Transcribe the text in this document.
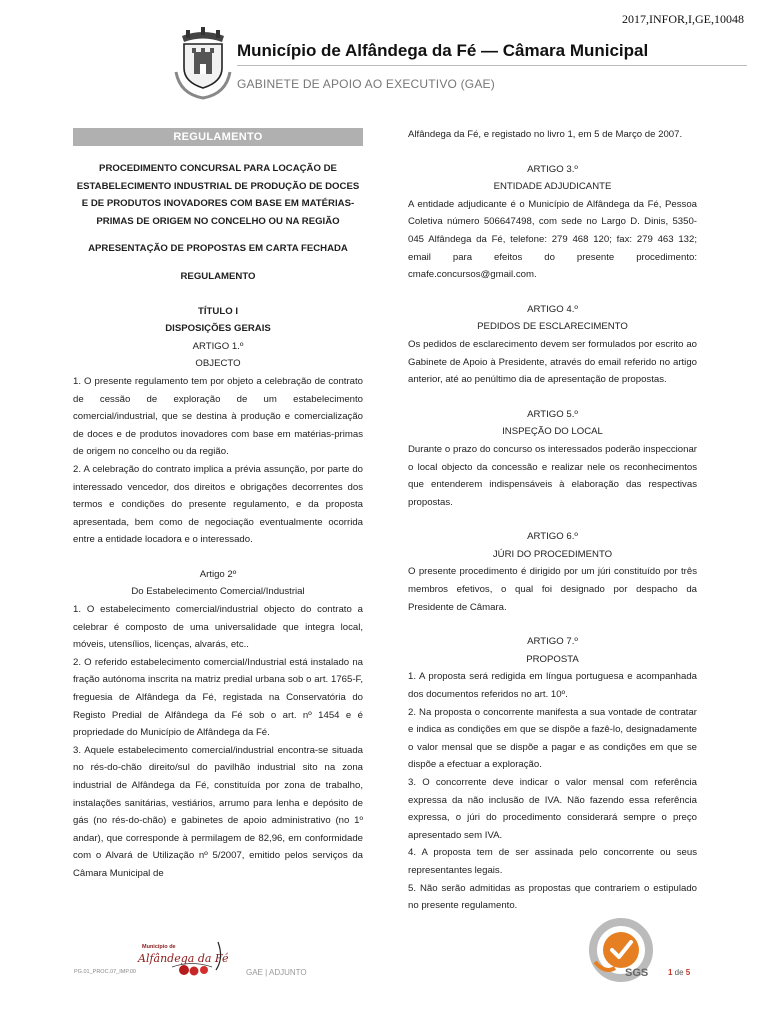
2017,INFOR,I,GE,10048
Município de Alfândega da Fé — Câmara Municipal
GABINETE DE APOIO AO EXECUTIVO (GAE)
REGULAMENTO

PROCEDIMENTO CONCURSAL PARA LOCAÇÃO DE ESTABELECIMENTO INDUSTRIAL DE PRODUÇÃO DE DOCES E DE PRODUTOS INOVADORES COM BASE EM MATÉRIAS-PRIMAS DE ORIGEM NO CONCELHO OU NA REGIÃO

APRESENTAÇÃO DE PROPOSTAS EM CARTA FECHADA

REGULAMENTO

TÍTULO I

DISPOSIÇÕES GERAIS

ARTIGO 1.º

OBJECTO

1. O presente regulamento tem por objeto a celebração de contrato de cessão de exploração de um estabelecimento comercial/industrial, que se destina à produção e comercialização de doces e de produtos inovadores com base em matérias-primas de origem no concelho ou da região.

2. A celebração do contrato implica a prévia assunção, por parte do interessado vencedor, dos direitos e obrigações decorrentes dos termos e condições do presente regulamento, e da proposta apresentada, bem como de negociação eventualmente ocorrida entre a entidade locadora e o interessado.

Artigo 2º

Do Estabelecimento Comercial/Industrial

1. O estabelecimento comercial/industrial objecto do contrato a celebrar é composto de uma universalidade que integra local, móveis, utensílios, licenças, alvarás, etc..

2. O referido estabelecimento comercial/Industrial está instalado na fração autónoma inscrita na matriz predial urbana sob o art. 1765-F, freguesia de Alfândega da Fé, registada na Conservatória do Registo Predial de Alfândega da Fé sob o art. nº 1454 e é propriedade do Município de Alfândega da Fé.

3. Aquele estabelecimento comercial/industrial encontra-se situada no rés-do-chão direito/sul do pavilhão industrial sito na zona industrial de Alfândega da Fé, constituída por zona de trabalho, instalações sanitárias, vestiários, arrumo para lenha e depósito de gás (no rés-do-chão) e gabinetes de apoio administrativo (no 1º andar), que corresponde à permilagem de 82,96, em conformidade com o Alvará de Utilização nº 5/2007, emitido pelos serviços da Câmara Municipal de

Alfândega da Fé, e registado no livro 1, em 5 de Março de 2007.

ARTIGO 3.º

ENTIDADE ADJUDICANTE

A entidade adjudicante é o Município de Alfândega da Fé, Pessoa Coletiva número 506647498, com sede no Largo D. Dinis, 5350-045 Alfândega da Fé, telefone: 279 468 120; fax: 279 463 132; email para efeitos do presente procedimento: cmafe.concursos@gmail.com.

ARTIGO 4.º

PEDIDOS DE ESCLARECIMENTO

Os pedidos de esclarecimento devem ser formulados por escrito ao Gabinete de Apoio à Presidente, através do email referido no artigo anterior, até ao penúltimo dia de apresentação de propostas.

ARTIGO 5.º

INSPEÇÃO DO LOCAL

Durante o prazo do concurso os interessados poderão inspeccionar o local objecto da concessão e realizar nele os reconhecimentos que entenderem indispensáveis à elaboração das respectivas propostas.

ARTIGO 6.º

JÚRI DO PROCEDIMENTO

O presente procedimento é dirigido por um júri constituído por três membros efetivos, o qual foi designado por despacho da Presidente de Câmara.

ARTIGO 7.º

PROPOSTA

1. A proposta será redigida em língua portuguesa e acompanhada dos documentos referidos no art. 10º.

2. Na proposta o concorrente manifesta a sua vontade de contratar e indica as condições em que se dispõe a fazê-lo, designadamente o valor mensal que se dispõe a pagar e as condições em que se dispõe a efectuar a exploração.

3. O concorrente deve indicar o valor mensal com referência expressa da não inclusão de IVA. Não fazendo essa referência expressa, o júri do procedimento considerará sempre o preço apresentado sem IVA.

4. A proposta tem de ser assinada pelo concorrente ou seus representantes legais.

5. Não serão admitidas as propostas que contrariem o estipulado no presente regulamento.

Município de
Alfândega da Fé
PG.01_PROC.07_IMP.00	GAE | ADJUNTO	SGS 1 de 5
